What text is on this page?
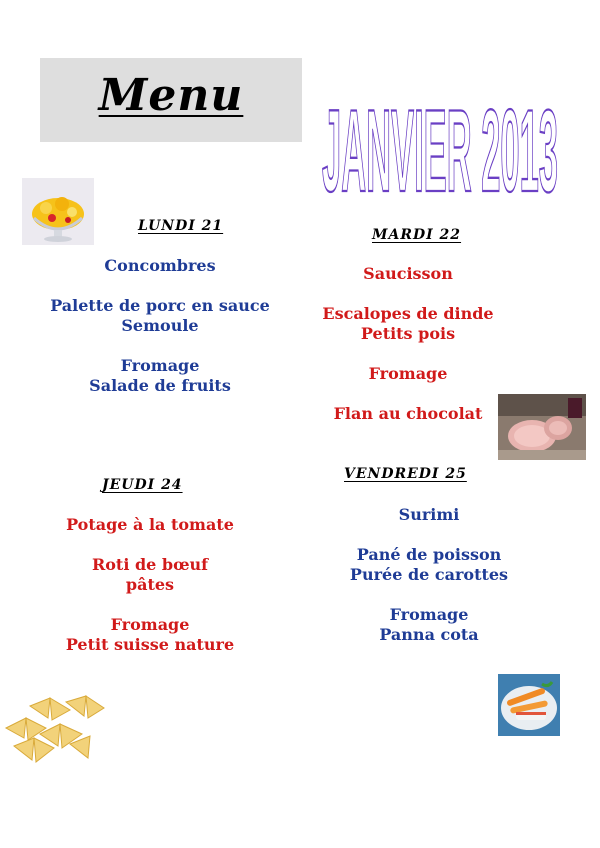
Menu	JANVIER 2013
LUNDI 21
Concombres
Palette de porc en sauce
Semoule
Fromage
Salade de fruits
MARDI 22
Saucisson
Escalopes de dinde
Petits pois
Fromage
Flan au chocolat
JEUDI 24
Potage à la tomate
Roti de bœuf
pâtes
Fromage
Petit suisse nature
VENDREDI 25
Surimi
Pané de poisson
Purée de carottes
Fromage
Panna cota
